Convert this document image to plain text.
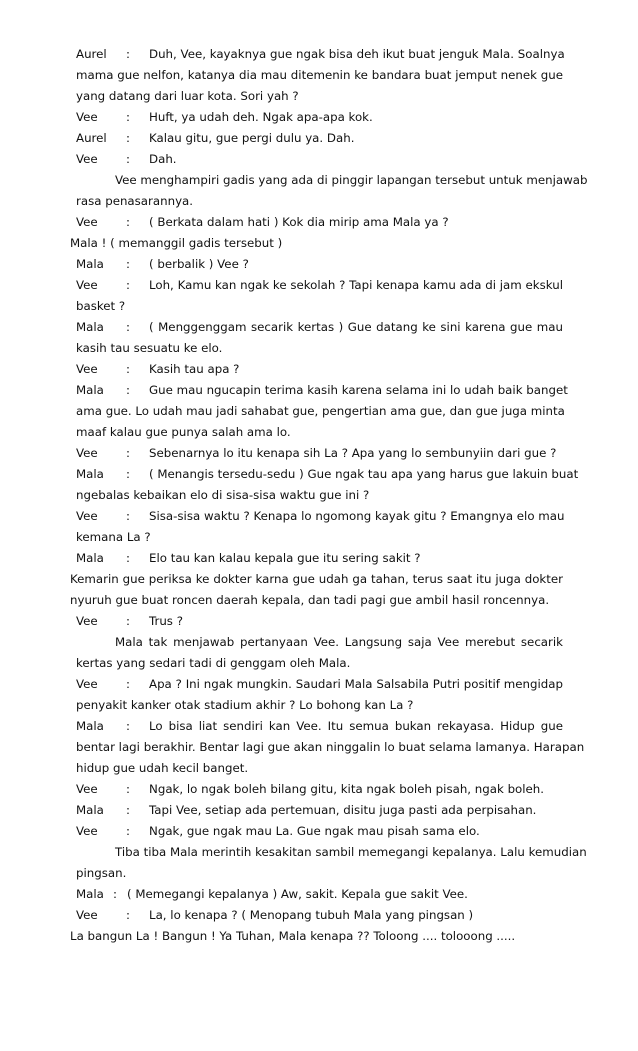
Aurel : Duh, Vee, kayaknya gue ngak bisa deh ikut buat jenguk Mala. Soalnya
mama gue nelfon, katanya dia mau ditemenin ke bandara buat jemput nenek gue
yang datang dari luar kota. Sori yah ?
Vee : Huft, ya udah deh. Ngak apa-apa kok.
Aurel : Kalau gitu, gue pergi dulu ya. Dah.
Vee : Dah.
Vee menghampiri gadis yang ada di pinggir lapangan tersebut untuk menjawab
rasa penasarannya.
Vee : ( Berkata dalam hati ) Kok dia mirip ama Mala ya ?
Mala ! ( memanggil gadis tersebut )
Mala : ( berbalik ) Vee ?
Vee : Loh, Kamu kan ngak ke sekolah ? Tapi kenapa kamu ada di jam ekskul
basket ?
Mala : ( Menggenggam secarik kertas ) Gue datang ke sini karena gue mau
kasih tau sesuatu ke elo.
Vee : Kasih tau apa ?
Mala : Gue mau ngucapin terima kasih karena selama ini lo udah baik banget
ama gue. Lo udah mau jadi sahabat gue, pengertian ama gue, dan gue juga minta
maaf kalau gue punya salah ama lo.
Vee : Sebenarnya lo itu kenapa sih La ? Apa yang lo sembunyiin dari gue ?
Mala : ( Menangis tersedu-sedu ) Gue ngak tau apa yang harus gue lakuin buat
ngebalas kebaikan elo di sisa-sisa waktu gue ini ?
Vee : Sisa-sisa waktu ? Kenapa lo ngomong kayak gitu ? Emangnya elo mau
kemana La ?
Mala : Elo tau kan kalau kepala gue itu sering sakit ?
Kemarin gue periksa ke dokter karna gue udah ga tahan, terus saat itu juga dokter
nyuruh gue buat roncen daerah kepala, dan tadi pagi gue ambil hasil roncennya.
Vee : Trus ?
Mala tak menjawab pertanyaan Vee. Langsung saja Vee merebut secarik
kertas yang sedari tadi di genggam oleh Mala.
Vee : Apa ? Ini ngak mungkin. Saudari Mala Salsabila Putri positif mengidap
penyakit kanker otak stadium akhir ? Lo bohong kan La ?
Mala : Lo bisa liat sendiri kan Vee. Itu semua bukan rekayasa. Hidup gue
bentar lagi berakhir. Bentar lagi gue akan ninggalin lo buat selama lamanya. Harapan
hidup gue udah kecil banget.
Vee : Ngak, lo ngak boleh bilang gitu, kita ngak boleh pisah, ngak boleh.
Mala : Tapi Vee, setiap ada pertemuan, disitu juga pasti ada perpisahan.
Vee : Ngak, gue ngak mau La. Gue ngak mau pisah sama elo.
Tiba tiba Mala merintih kesakitan sambil memegangi kepalanya. Lalu kemudian
pingsan.
Mala : ( Memegangi kepalanya ) Aw, sakit. Kepala gue sakit Vee.
Vee : La, lo kenapa ? ( Menopang tubuh Mala yang pingsan )
La bangun La ! Bangun ! Ya Tuhan, Mala kenapa ?? Toloong .... tolooong .....
